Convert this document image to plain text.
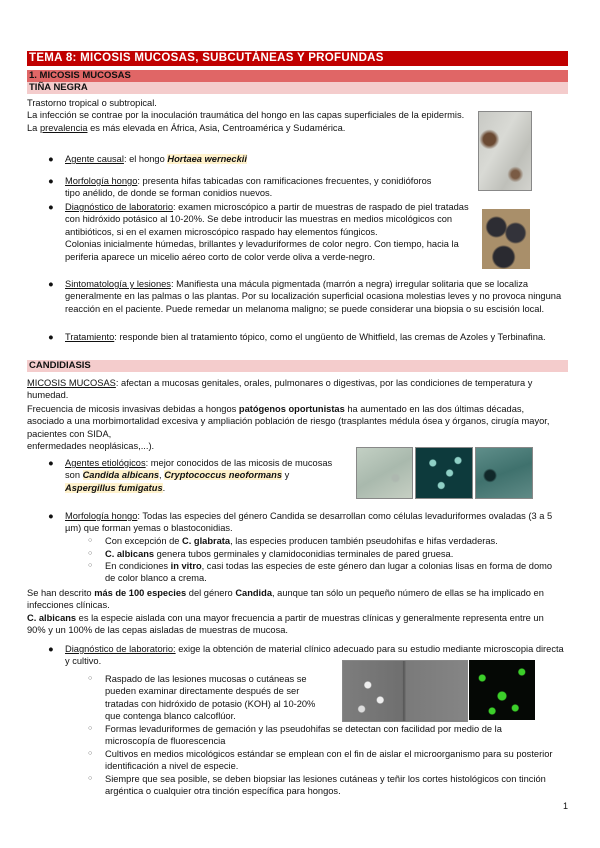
TEMA 8: MICOSIS MUCOSAS, SUBCUTÁNEAS Y PROFUNDAS
1. MICOSIS MUCOSAS
TIÑA NEGRA
Trastorno tropical o subtropical.
La infección se contrae por la inoculación traumática del hongo en las capas superficiales de la epidermis.
La prevalencia es más elevada en África, Asia, Centroamérica y Sudamérica.
● Agente causal: el hongo Hortaea werneckii
● Morfología hongo: presenta hifas tabicadas con ramificaciones frecuentes, y conidióforos tipo anélido, de donde se forman conidios nuevos.
● Diagnóstico de laboratorio: examen microscópico a partir de muestras de raspado de piel tratadas con hidróxido potásico al 10-20%. Se debe introducir las muestras en medios micológicos con antibióticos, si en el examen microscópico raspado hay elementos fúngicos.
Colonias inicialmente húmedas, brillantes y levaduriformes de color negro. Con tiempo, hacia la periferia aparece un micelio aéreo corto de color verde oliva a verde-negro.
● Sintomatología y lesiones: Manifiesta una mácula pigmentada (marrón a negra) irregular solitaria que se localiza generalmente en las palmas o las plantas. Por su localización superficial ocasiona molestias leves y no provoca ninguna reacción en el paciente. Puede remedar un melanoma maligno; se puede considerar una biopsia o su escisión local.
● Tratamiento: responde bien al tratamiento tópico, como el ungüento de Whitfield, las cremas de Azoles y Terbinafina.
CANDIDIASIS
MICOSIS MUCOSAS: afectan a mucosas genitales, orales, pulmonares o digestivas, por las condiciones de temperatura y humedad.
Frecuencia de micosis invasivas debidas a hongos patógenos oportunistas ha aumentado en las dos últimas décadas, asociado a una morbimortalidad excesiva y ampliación población de riesgo (trasplantes médula ósea y órganos, cirugía mayor, pacientes con SIDA,
enfermedades neoplásicas,...).
● Agentes etiológicos: mejor conocidos de las micosis de mucosas son Candida albicans, Cryptococcus neoformans y Aspergillus fumigatus.
● Morfología hongo: Todas las especies del género Candida se desarrollan como células levaduriformes ovaladas (3 a 5 µm) que forman yemas o blastoconidias.
○ Con excepción de C. glabrata, las especies producen también pseudohifas e hifas verdaderas.
○ C. albicans genera tubos germinales y clamidoconidias terminales de pared gruesa.
○ En condiciones in vitro, casi todas las especies de este género dan lugar a colonias lisas en forma de domo de color blanco a crema.
Se han descrito más de 100 especies del género Candida, aunque tan sólo un pequeño número de ellas se ha implicado en infecciones clínicas.
C. albicans es la especie aislada con una mayor frecuencia a partir de muestras clínicas y generalmente representa entre un 90% y un 100% de las cepas aisladas de muestras de mucosa.
● Diagnóstico de laboratorio: exige la obtención de material clínico adecuado para su estudio mediante microscopia directa y cultivo.
○ Raspado de las lesiones mucosas o cutáneas se pueden examinar directamente después de ser tratadas con hidróxido de potasio (KOH) al 10-20% que contenga blanco calcoflúor.
○ Formas levaduriformes de gemación y las pseudohifas se detectan con facilidad por medio de la microscopía de fluorescencia
○ Cultivos en medios micológicos estándar se emplean con el fin de aislar el microorganismo para su posterior identificación a nivel de especie.
○ Siempre que sea posible, se deben biopsiar las lesiones cutáneas y teñir los cortes histológicos con tinción argéntica o cualquier otra tinción específica para hongos.
1
